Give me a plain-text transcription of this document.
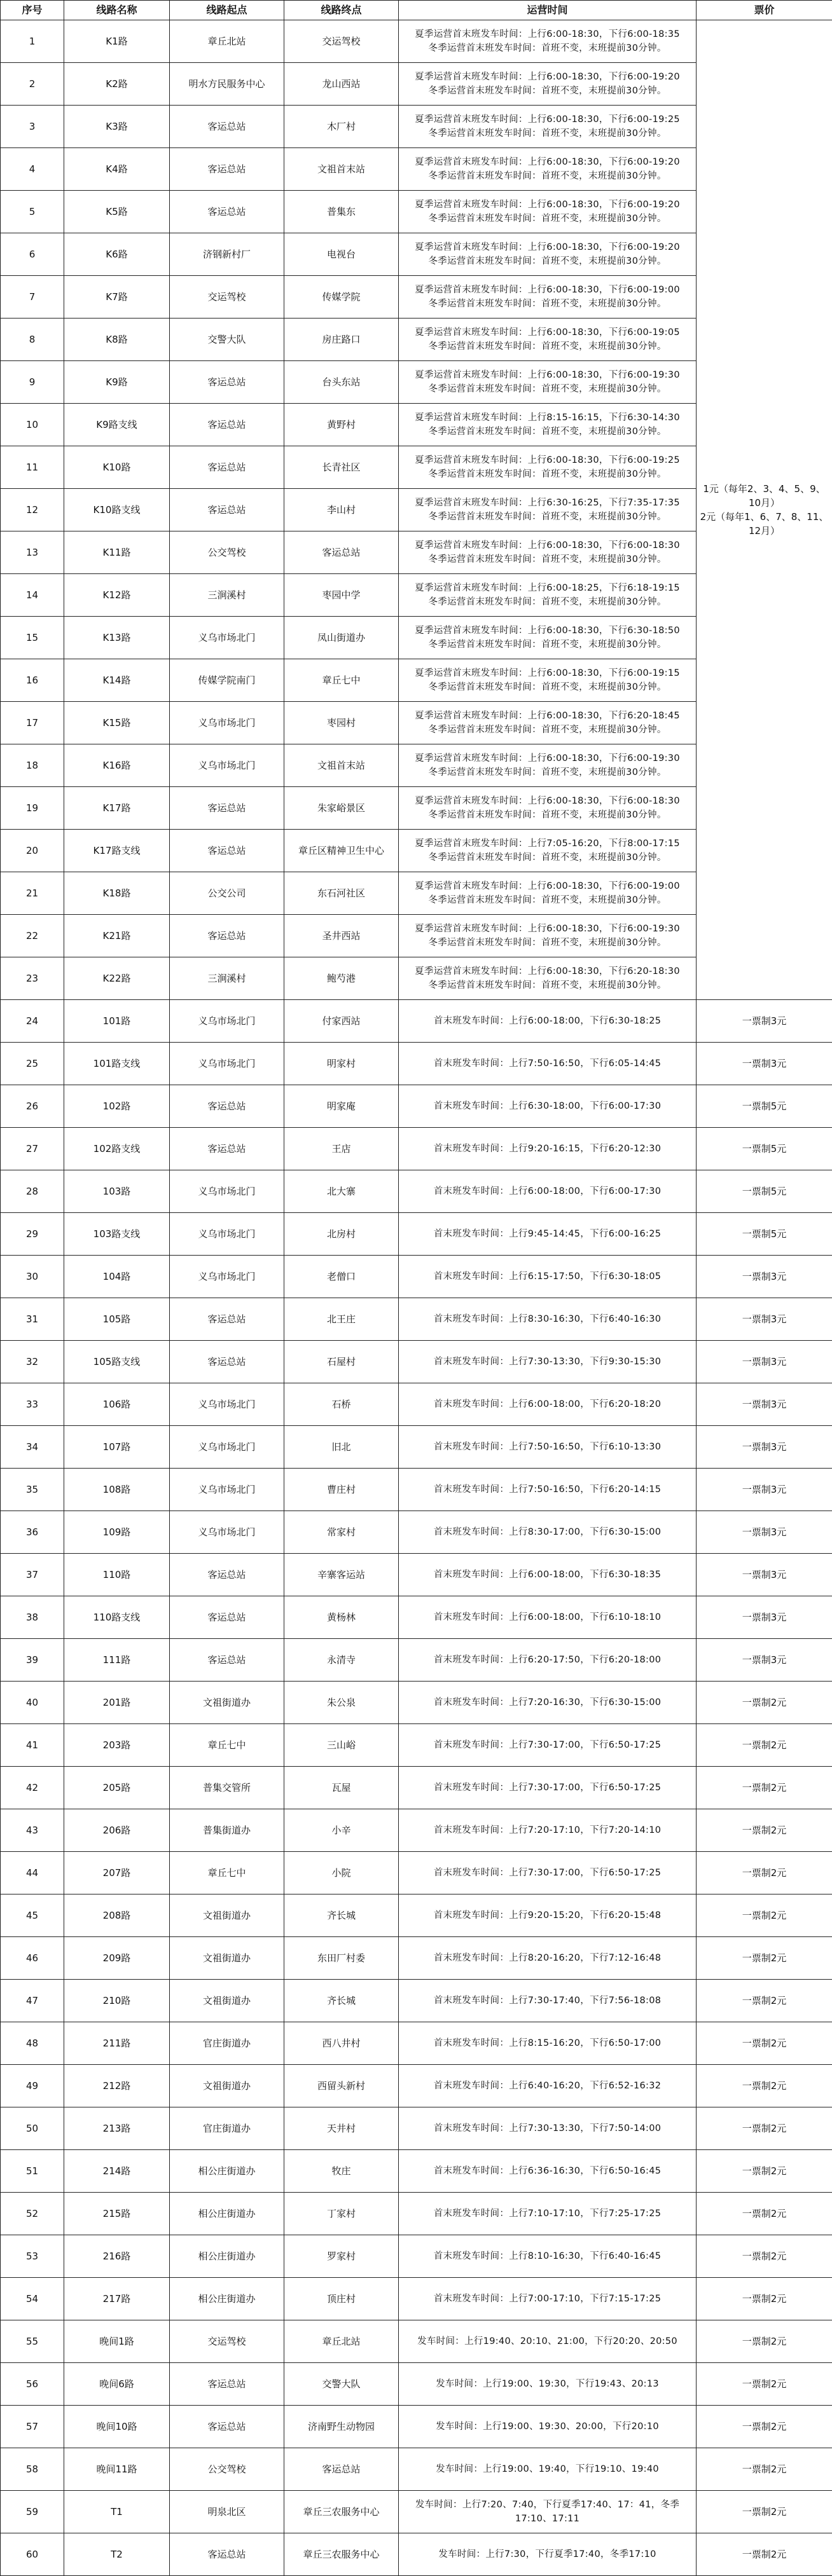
序号	线路名称	线路起点	线路终点	运营时间	票价
1	K1路	章丘北站	交运驾校	夏季运营首末班发车时间：上行6:00-18:30，下行6:00-18:35
冬季运营首末班发车时间：首班不变，末班提前30分钟。	1元（每年2、3、4、5、9、10月）
2元（每年1、6、7、8、11、12月）
2	K2路	明水方民服务中心	龙山西站	夏季运营首末班发车时间：上行6:00-18:30，下行6:00-19:20
冬季运营首末班发车时间：首班不变，末班提前30分钟。	
3	K3路	客运总站	木厂村	夏季运营首末班发车时间：上行6:00-18:30，下行6:00-19:25
冬季运营首末班发车时间：首班不变，末班提前30分钟。	
4	K4路	客运总站	文祖首末站	夏季运营首末班发车时间：上行6:00-18:30，下行6:00-19:20
冬季运营首末班发车时间：首班不变，末班提前30分钟。	
5	K5路	客运总站	普集东	夏季运营首末班发车时间：上行6:00-18:30，下行6:00-19:20
冬季运营首末班发车时间：首班不变，末班提前30分钟。	
6	K6路	济钢新村厂	电视台	夏季运营首末班发车时间：上行6:00-18:30，下行6:00-19:20
冬季运营首末班发车时间：首班不变，末班提前30分钟。	
7	K7路	交运驾校	传媒学院	夏季运营首末班发车时间：上行6:00-18:30，下行6:00-19:00
冬季运营首末班发车时间：首班不变，末班提前30分钟。	
8	K8路	交警大队	房庄路口	夏季运营首末班发车时间：上行6:00-18:30，下行6:00-19:05
冬季运营首末班发车时间：首班不变，末班提前30分钟。	
9	K9路	客运总站	台头东站	夏季运营首末班发车时间：上行6:00-18:30，下行6:00-19:30
冬季运营首末班发车时间：首班不变，末班提前30分钟。	
10	K9路支线	客运总站	黄野村	夏季运营首末班发车时间：上行8:15-16:15，下行6:30-14:30
冬季运营首末班发车时间：首班不变，末班提前30分钟。	
11	K10路	客运总站	长青社区	夏季运营首末班发车时间：上行6:00-18:30，下行6:00-19:25
冬季运营首末班发车时间：首班不变，末班提前30分钟。	
12	K10路支线	客运总站	李山村	夏季运营首末班发车时间：上行6:30-16:25，下行7:35-17:35
冬季运营首末班发车时间：首班不变，末班提前30分钟。	
13	K11路	公交驾校	客运总站	夏季运营首末班发车时间：上行6:00-18:30，下行6:00-18:30
冬季运营首末班发车时间：首班不变，末班提前30分钟。	
14	K12路	三涧溪村	枣园中学	夏季运营首末班发车时间：上行6:00-18:25，下行6:18-19:15
冬季运营首末班发车时间：首班不变，末班提前30分钟。	
15	K13路	义乌市场北门	凤山街道办	夏季运营首末班发车时间：上行6:00-18:30，下行6:30-18:50
冬季运营首末班发车时间：首班不变，末班提前30分钟。	
16	K14路	传媒学院南门	章丘七中	夏季运营首末班发车时间：上行6:00-18:30，下行6:00-19:15
冬季运营首末班发车时间：首班不变，末班提前30分钟。	
17	K15路	义乌市场北门	枣园村	夏季运营首末班发车时间：上行6:00-18:30，下行6:20-18:45
冬季运营首末班发车时间：首班不变，末班提前30分钟。	
18	K16路	义乌市场北门	文祖首末站	夏季运营首末班发车时间：上行6:00-18:30，下行6:00-19:30
冬季运营首末班发车时间：首班不变，末班提前30分钟。	
19	K17路	客运总站	朱家峪景区	夏季运营首末班发车时间：上行6:00-18:30，下行6:00-18:30
冬季运营首末班发车时间：首班不变，末班提前30分钟。	
20	K17路支线	客运总站	章丘区精神卫生中心	夏季运营首末班发车时间：上行7:05-16:20，下行8:00-17:15
冬季运营首末班发车时间：首班不变，末班提前30分钟。	
21	K18路	公交公司	东石河社区	夏季运营首末班发车时间：上行6:00-18:30，下行6:00-19:00
冬季运营首末班发车时间：首班不变，末班提前30分钟。	
22	K21路	客运总站	圣井西站	夏季运营首末班发车时间：上行6:00-18:30，下行6:00-19:30
冬季运营首末班发车时间：首班不变，末班提前30分钟。	
23	K22路	三涧溪村	鲍芍港	夏季运营首末班发车时间：上行6:00-18:30，下行6:20-18:30
冬季运营首末班发车时间：首班不变，末班提前30分钟。	
24	101路	义乌市场北门	付家西站	首末班发车时间：上行6:00-18:00，下行6:30-18:25	一票制3元
25	101路支线	义乌市场北门	明家村	首末班发车时间：上行7:50-16:50，下行6:05-14:45	一票制3元
26	102路	客运总站	明家庵	首末班发车时间：上行6:30-18:00，下行6:00-17:30	一票制5元
27	102路支线	客运总站	王店	首末班发车时间：上行9:20-16:15，下行6:20-12:30	一票制5元
28	103路	义乌市场北门	北大寨	首末班发车时间：上行6:00-18:00，下行6:00-17:30	一票制5元
29	103路支线	义乌市场北门	北房村	首末班发车时间：上行9:45-14:45，下行6:00-16:25	一票制5元
30	104路	义乌市场北门	老僧口	首末班发车时间：上行6:15-17:50，下行6:30-18:05	一票制3元
31	105路	客运总站	北王庄	首末班发车时间：上行8:30-16:30，下行6:40-16:30	一票制3元
32	105路支线	客运总站	石屋村	首末班发车时间：上行7:30-13:30，下行9:30-15:30	一票制3元
33	106路	义乌市场北门	石桥	首末班发车时间：上行6:00-18:00，下行6:20-18:20	一票制3元
34	107路	义乌市场北门	旧北	首末班发车时间：上行7:50-16:50，下行6:10-13:30	一票制3元
35	108路	义乌市场北门	曹庄村	首末班发车时间：上行7:50-16:50，下行6:20-14:15	一票制3元
36	109路	义乌市场北门	常家村	首末班发车时间：上行8:30-17:00，下行6:30-15:00	一票制3元
37	110路	客运总站	辛寨客运站	首末班发车时间：上行6:00-18:00，下行6:30-18:35	一票制3元
38	110路支线	客运总站	黄杨林	首末班发车时间：上行6:00-18:00，下行6:10-18:10	一票制3元
39	111路	客运总站	永清寺	首末班发车时间：上行6:20-17:50，下行6:20-18:00	一票制3元
40	201路	文祖街道办	朱公泉	首末班发车时间：上行7:20-16:30，下行6:30-15:00	一票制2元
41	203路	章丘七中	三山峪	首末班发车时间：上行7:30-17:00，下行6:50-17:25	一票制2元
42	205路	普集交管所	瓦屋	首末班发车时间：上行7:30-17:00，下行6:50-17:25	一票制2元
43	206路	普集街道办	小辛	首末班发车时间：上行7:20-17:10，下行7:20-14:10	一票制2元
44	207路	章丘七中	小院	首末班发车时间：上行7:30-17:00，下行6:50-17:25	一票制2元
45	208路	文祖街道办	齐长城	首末班发车时间：上行9:20-15:20，下行6:20-15:48	一票制2元
46	209路	文祖街道办	东田厂村委	首末班发车时间：上行8:20-16:20，下行7:12-16:48	一票制2元
47	210路	文祖街道办	齐长城	首末班发车时间：上行7:30-17:40，下行7:56-18:08	一票制2元
48	211路	官庄街道办	西八井村	首末班发车时间：上行8:15-16:20，下行6:50-17:00	一票制2元
49	212路	文祖街道办	西留头新村	首末班发车时间：上行6:40-16:20，下行6:52-16:32	一票制2元
50	213路	官庄街道办	天井村	首末班发车时间：上行7:30-13:30，下行7:50-14:00	一票制2元
51	214路	相公庄街道办	牧庄	首末班发车时间：上行6:36-16:30，下行6:50-16:45	一票制2元
52	215路	相公庄街道办	丁家村	首末班发车时间：上行7:10-17:10，下行7:25-17:25	一票制2元
53	216路	相公庄街道办	罗家村	首末班发车时间：上行8:10-16:30，下行6:40-16:45	一票制2元
54	217路	相公庄街道办	顶庄村	首末班发车时间：上行7:00-17:10，下行7:15-17:25	一票制2元
55	晚间1路	交运驾校	章丘北站	发车时间：上行19:40、20:10、21:00，下行20:20、20:50	一票制2元
56	晚间6路	客运总站	交警大队	发车时间：上行19:00、19:30，下行19:43、20:13	一票制2元
57	晚间10路	客运总站	济南野生动物园	发车时间：上行19:00、19:30、20:00，下行20:10	一票制2元
58	晚间11路	公交驾校	客运总站	发车时间：上行19:00、19:40，下行19:10、19:40	一票制2元
59	T1	明泉北区	章丘三农服务中心	发车时间：上行7:20、7:40，下行夏季17:40、17：41，冬季17:10、17:11	一票制2元
60	T2	客运总站	章丘三农服务中心	发车时间：上行7:30，下行夏季17:40，冬季17:10	一票制2元
